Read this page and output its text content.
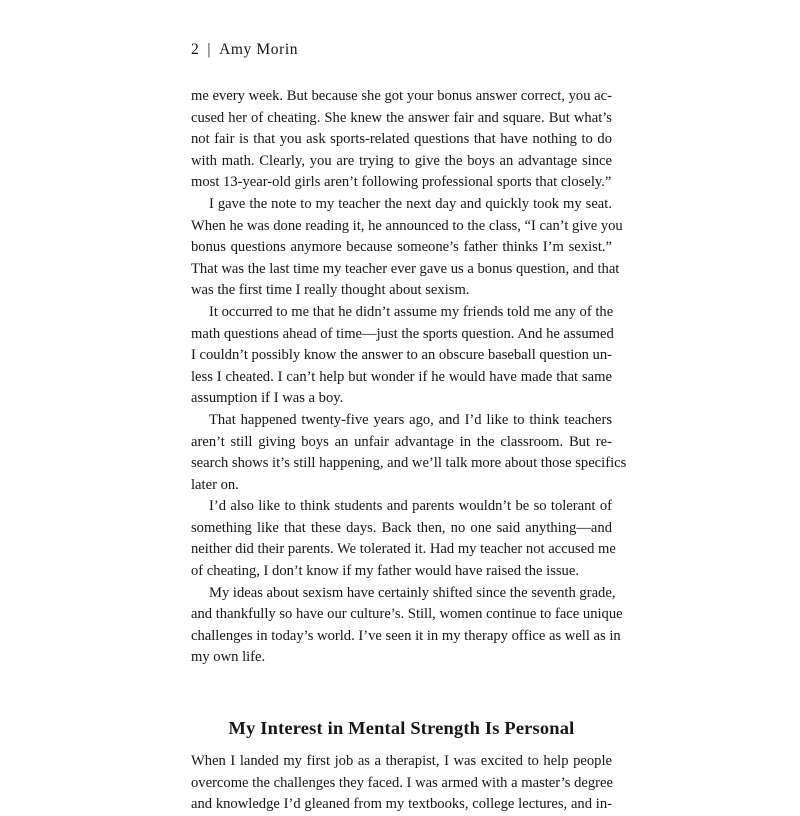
2 | Amy Morin
me every week. But because she got your bonus answer correct, you ac-
cused her of cheating. She knew the answer fair and square. But what’s
not fair is that you ask sports-related questions that have nothing to do
with math. Clearly, you are trying to give the boys an advantage since
most 13-year-old girls aren’t following professional sports that closely.”
I gave the note to my teacher the next day and quickly took my seat.
When he was done reading it, he announced to the class, “I can’t give you
bonus questions anymore because someone’s father thinks I’m sexist.”
That was the last time my teacher ever gave us a bonus question, and that
was the first time I really thought about sexism.
It occurred to me that he didn’t assume my friends told me any of the
math questions ahead of time—just the sports question. And he assumed
I couldn’t possibly know the answer to an obscure baseball question un-
less I cheated. I can’t help but wonder if he would have made that same
assumption if I was a boy.
That happened twenty-five years ago, and I’d like to think teachers
aren’t still giving boys an unfair advantage in the classroom. But re-
search shows it’s still happening, and we’ll talk more about those specifics
later on.
I’d also like to think students and parents wouldn’t be so tolerant of
something like that these days. Back then, no one said anything—and
neither did their parents. We tolerated it. Had my teacher not accused me
of cheating, I don’t know if my father would have raised the issue.
My ideas about sexism have certainly shifted since the seventh grade,
and thankfully so have our culture’s. Still, women continue to face unique
challenges in today’s world. I’ve seen it in my therapy office as well as in
my own life.
My Interest in Mental Strength Is Personal
When I landed my first job as a therapist, I was excited to help people
overcome the challenges they faced. I was armed with a master’s degree
and knowledge I’d gleaned from my textbooks, college lectures, and in-
